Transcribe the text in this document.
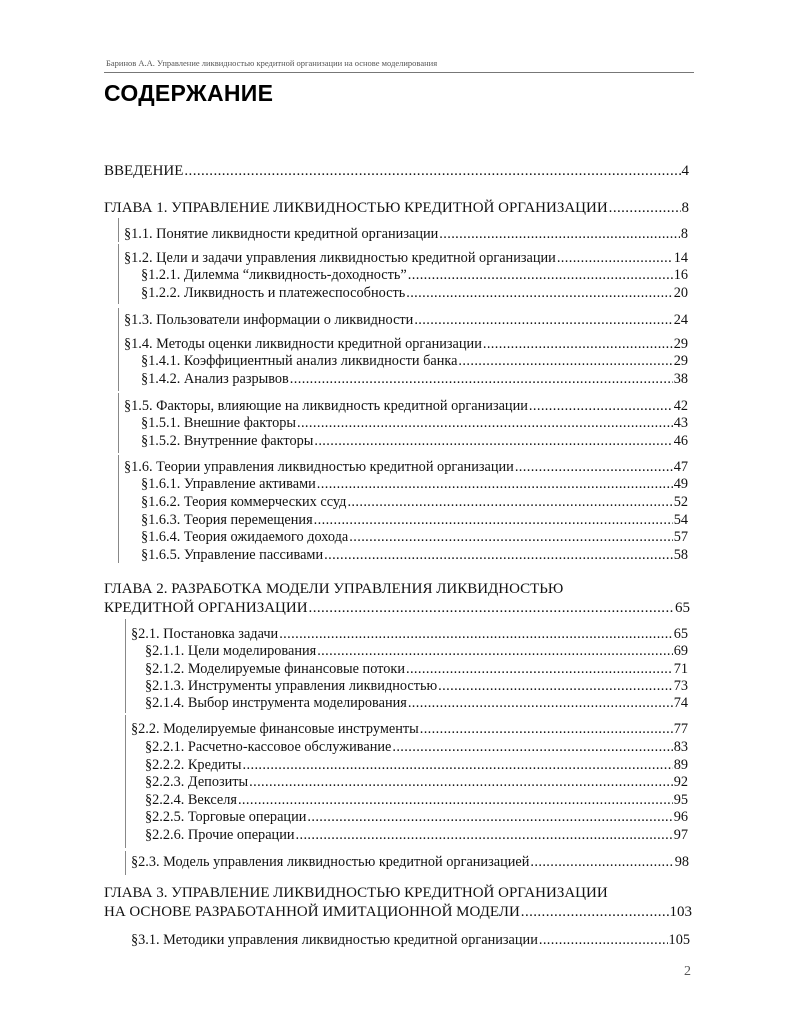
Баринов А.А. Управление ликвидностью кредитной организации на основе моделирования
СОДЕРЖАНИЕ
ВВЕДЕНИЕ .....	4
ГЛАВА 1. УПРАВЛЕНИЕ ЛИКВИДНОСТЬЮ КРЕДИТНОЙ ОРГАНИЗАЦИИ .....	8
§1.1. Понятие ликвидности кредитной организации .....	8
§1.2. Цели и задачи управления ликвидностью кредитной организации .....	14
§1.2.1. Дилемма “ликвидность-доходность” .....	16
§1.2.2. Ликвидность и платежеспособность .....	20
§1.3. Пользователи информации о ликвидности .....	24
§1.4. Методы оценки ликвидности кредитной организации .....	29
§1.4.1. Коэффициентный анализ ликвидности банка .....	29
§1.4.2. Анализ разрывов .....	38
§1.5. Факторы, влияющие на ликвидность кредитной организации .....	42
§1.5.1. Внешние факторы .....	43
§1.5.2. Внутренние факторы .....	46
§1.6. Теории управления ликвидностью кредитной организации .....	47
§1.6.1. Управление активами .....	49
§1.6.2. Теория коммерческих ссуд .....	52
§1.6.3. Теория перемещения .....	54
§1.6.4. Теория ожидаемого дохода .....	57
§1.6.5. Управление пассивами .....	58
ГЛАВА 2. РАЗРАБОТКА МОДЕЛИ УПРАВЛЕНИЯ ЛИКВИДНОСТЬЮ
КРЕДИТНОЙ ОРГАНИЗАЦИИ .....	65
§2.1. Постановка задачи .....	65
§2.1.1. Цели моделирования .....	69
§2.1.2. Моделируемые финансовые потоки .....	71
§2.1.3. Инструменты управления ликвидностью .....	73
§2.1.4. Выбор инструмента моделирования .....	74
§2.2. Моделируемые финансовые инструменты .....	77
§2.2.1. Расчетно-кассовое обслуживание .....	83
§2.2.2. Кредиты .....	89
§2.2.3. Депозиты .....	92
§2.2.4. Векселя .....	95
§2.2.5. Торговые операции .....	96
§2.2.6. Прочие операции .....	97
§2.3. Модель управления ликвидностью кредитной организацией .....	98
ГЛАВА 3. УПРАВЛЕНИЕ ЛИКВИДНОСТЬЮ КРЕДИТНОЙ ОРГАНИЗАЦИИ
НА ОСНОВЕ РАЗРАБОТАННОЙ ИМИТАЦИОННОЙ МОДЕЛИ .....	103
§3.1. Методики управления ликвидностью кредитной организации .....	105
2
